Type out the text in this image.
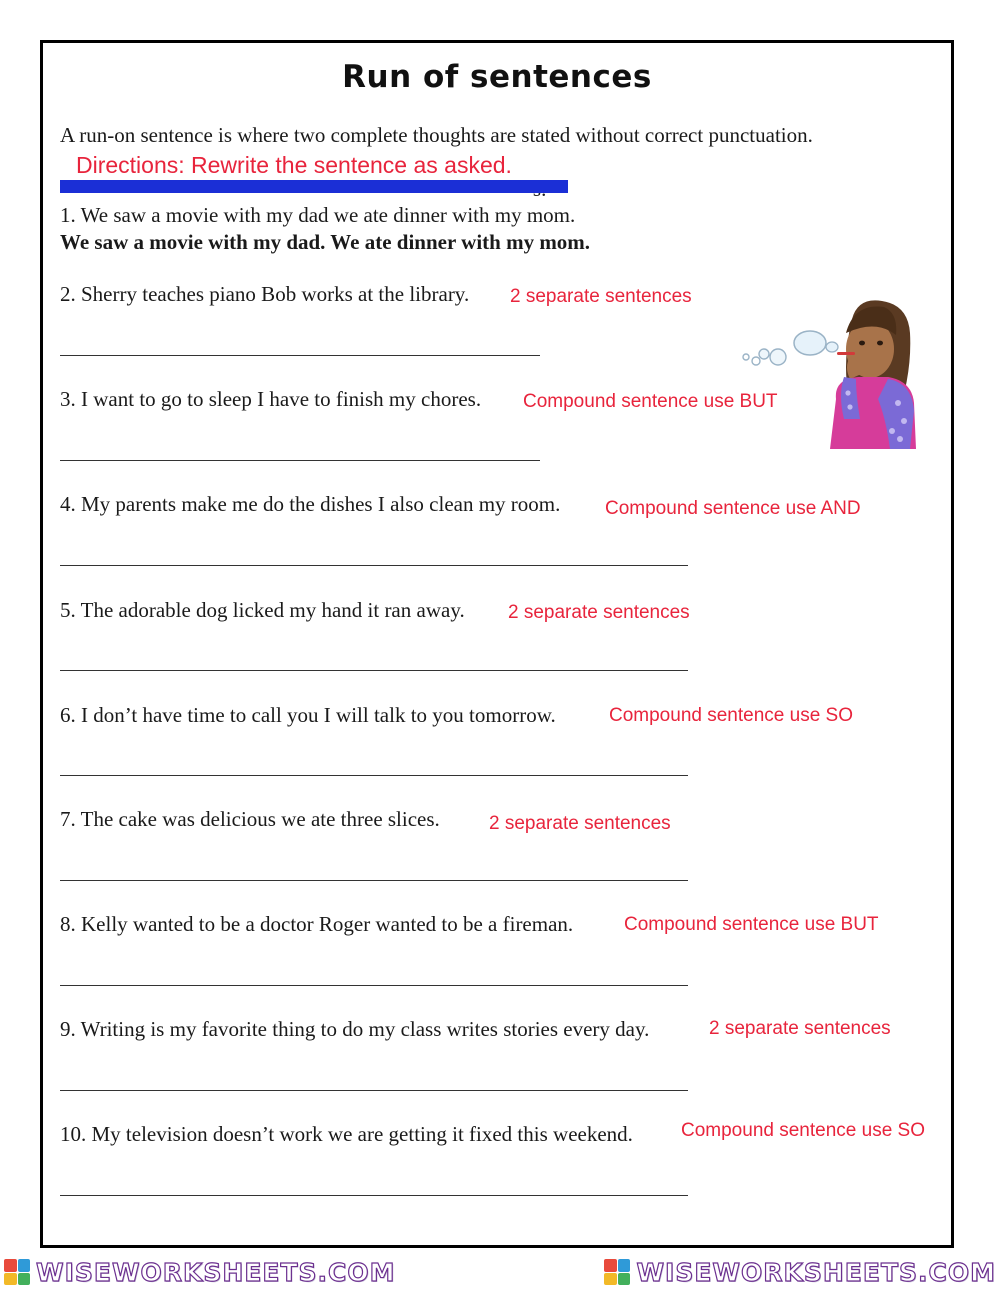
Run of sentences
A run-on sentence is where two complete thoughts are stated without correct punctuation.
Directions: Rewrite the sentence as asked.
1. We saw a movie with my dad we ate dinner with my mom.
We saw a movie with my dad. We ate dinner with my mom.
2. Sherry teaches piano Bob works at the library. 2 separate sentences
3. I want to go to sleep I have to finish my chores. Compound sentence use BUT
4. My parents make me do the dishes I also clean my room. Compound sentence use AND
5. The adorable dog licked my hand it ran away. 2 separate sentences
6. I don’t have time to call you I will talk to you tomorrow.	Compound sentence use SO
7. The cake was delicious we ate three slices.	2 separate sentences
8. Kelly wanted to be a doctor Roger wanted to be a fireman.	Compound sentence use BUT
9. Writing is my favorite thing to do my class writes stories every day.	2 separate sentences
10. My television doesn’t work we are getting it fixed this weekend.	Compound sentence use SO
WISEWORKSHEETS.COM	WISEWORKSHEETS.COM
